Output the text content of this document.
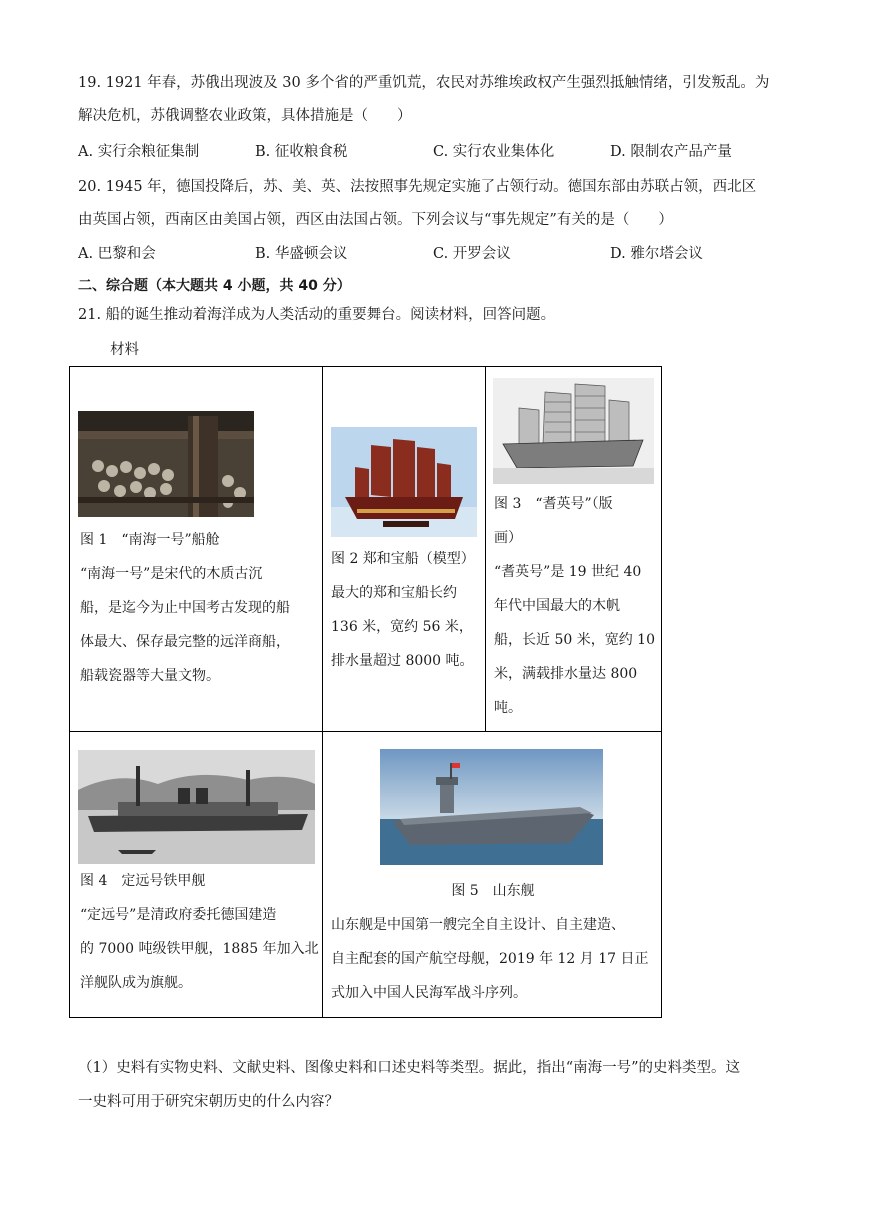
19. 1921 年春，苏俄出现波及 30 多个省的严重饥荒，农民对苏维埃政权产生强烈抵触情绪，引发叛乱。为
解决危机，苏俄调整农业政策，具体措施是（　　）
A. 实行余粮征集制	B. 征收粮食税	C. 实行农业集体化	D. 限制农产品产量
20. 1945 年，德国投降后，苏、美、英、法按照事先规定实施了占领行动。德国东部由苏联占领，西北区
由英国占领，西南区由美国占领，西区由法国占领。下列会议与“事先规定”有关的是（　　）
A. 巴黎和会	B. 华盛顿会议	C. 开罗会议	D. 雅尔塔会议
二、综合题（本大题共 4 小题，共 40 分）
21. 船的诞生推动着海洋成为人类活动的重要舞台。阅读材料，回答问题。
材料
图 1　“南海一号”船舱
“南海一号”是宋代的木质古沉
船，是迄今为止中国考古发现的船
体最大、保存最完整的远洋商船，
船载瓷器等大量文物。
图 2 郑和宝船（模型）
最大的郑和宝船长约
136 米，宽约 56 米，
排水量超过 8000 吨。
图 3　“耆英号”（版
画）
“耆英号”是 19 世纪 40
年代中国最大的木帆
船，长近 50 米，宽约 10
米，满载排水量达 800
吨。
图 4　定远号铁甲舰
“定远号”是清政府委托德国建造
的 7000 吨级铁甲舰，1885 年加入北
洋舰队成为旗舰。
图 5　山东舰
山东舰是中国第一艘完全自主设计、自主建造、
自主配套的国产航空母舰，2019 年 12 月 17 日正
式加入中国人民海军战斗序列。
（1）史料有实物史料、文献史料、图像史料和口述史料等类型。据此，指出“南海一号”的史料类型。这
一史料可用于研究宋朝历史的什么内容？
